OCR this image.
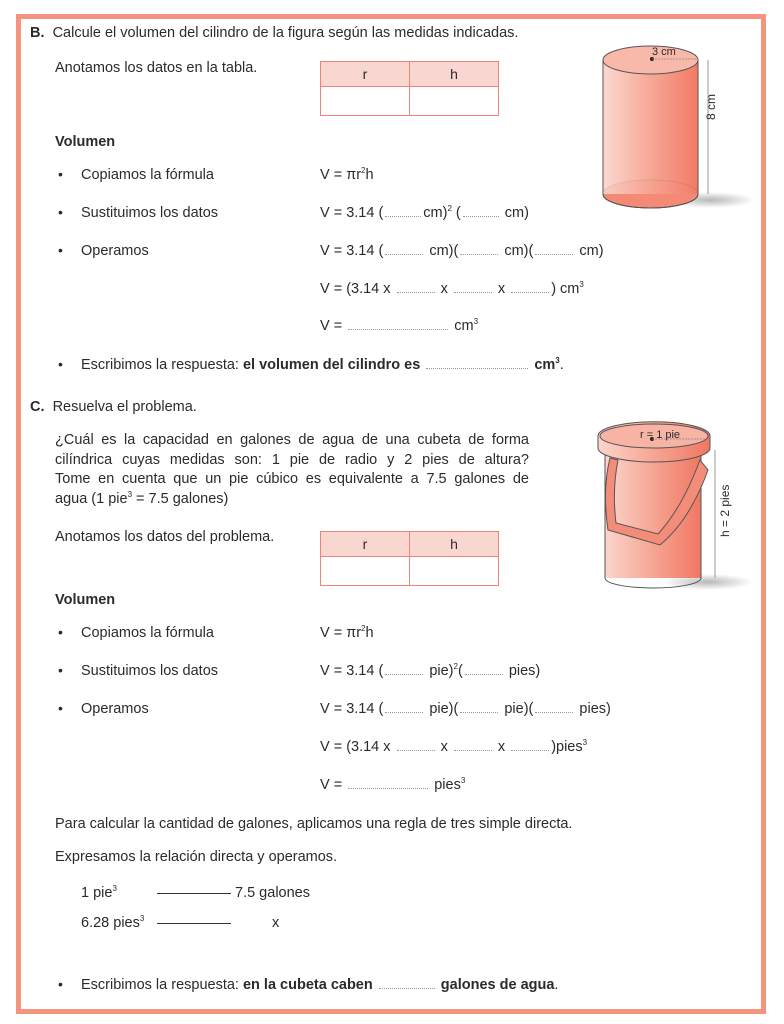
B. Calcule el volumen del cilindro de la figura según las medidas indicadas.
Anotamos los datos en la tabla.	r	h

3 cm
8 cm
Volumen
• Copiamos la fórmula	$V = \pi r^2h$
• Sustituimos los datos	V = 3.14 (	cm)$^2$ (	cm)
• Operamos	V = 3.14 (	cm)(	cm)(	cm)
V = (3.14 x	x	x	) $cm^3$
V =	$cm^3$
• Escribimos la respuesta: el volumen del cilindro es	$cm^3$.
C. Resuelva el problema.
¿Cuál es la capacidad en galones de agua de una cubeta de forma
cilíndrica cuyas medidas son: 1 pie de radio y 2 pies de altura?
Tome en cuenta que un pie cúbico es equivalente a 7.5 galones de
agua (1 pie$^3$ = 7.5 galones)
Anotamos los datos del problema.	r	h

r = 1 pie
h = 2 pies
Volumen
• Copiamos la fórmula	$V = \pi r^2h$
• Sustituimos los datos	V = 3.14 (	pie)$^2$(	pies)
• Operamos	V = 3.14 (	pie)(	pie)(	pies)
V = (3.14 x	x	x	)pies$^3$
V =	pies$^3$
Para calcular la cantidad de galones, aplicamos una regla de tres simple directa.
Expresamos la relación directa y operamos.
1 pie$^3$	7.5 galones
6.28 pies$^3$	x
• Escribimos la respuesta: en la cubeta caben	galones de agua.
